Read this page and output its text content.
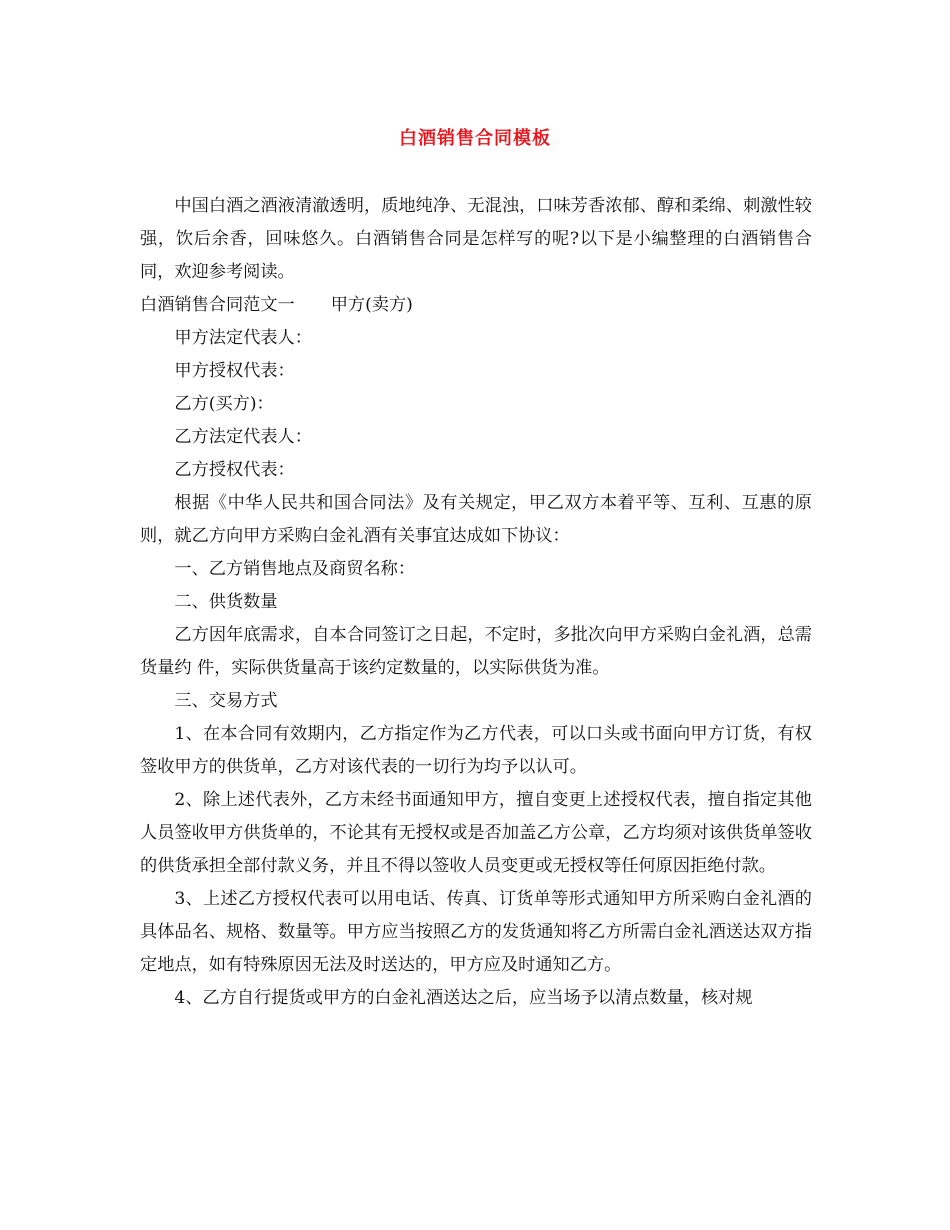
白酒销售合同模板

中国白酒之酒液清澈透明，质地纯净、无混浊，口味芳香浓郁、醇和柔绵、刺激性较强，饮后余香，回味悠久。白酒销售合同是怎样写的呢?以下是小编整理的白酒销售合同，欢迎参考阅读。

白酒销售合同范文一 甲方(卖方)

甲方法定代表人：

甲方授权代表：

乙方(买方)：

乙方法定代表人：

乙方授权代表：

根据《中华人民共和国合同法》及有关规定，甲乙双方本着平等、互利、互惠的原则，就乙方向甲方采购白金礼酒有关事宜达成如下协议：

一、乙方销售地点及商贸名称：

二、供货数量

乙方因年底需求，自本合同签订之日起，不定时，多批次向甲方采购白金礼酒，总需货量约 件，实际供货量高于该约定数量的，以实际供货为准。

三、交易方式

1、在本合同有效期内，乙方指定作为乙方代表，可以口头或书面向甲方订货，有权签收甲方的供货单，乙方对该代表的一切行为均予以认可。

2、除上述代表外，乙方未经书面通知甲方，擅自变更上述授权代表，擅自指定其他人员签收甲方供货单的，不论其有无授权或是否加盖乙方公章，乙方均须对该供货单签收的供货承担全部付款义务，并且不得以签收人员变更或无授权等任何原因拒绝付款。

3、上述乙方授权代表可以用电话、传真、订货单等形式通知甲方所采购白金礼酒的具体品名、规格、数量等。甲方应当按照乙方的发货通知将乙方所需白金礼酒送达双方指定地点，如有特殊原因无法及时送达的，甲方应及时通知乙方。

4、乙方自行提货或甲方的白金礼酒送达之后，应当场予以清点数量，核对规
